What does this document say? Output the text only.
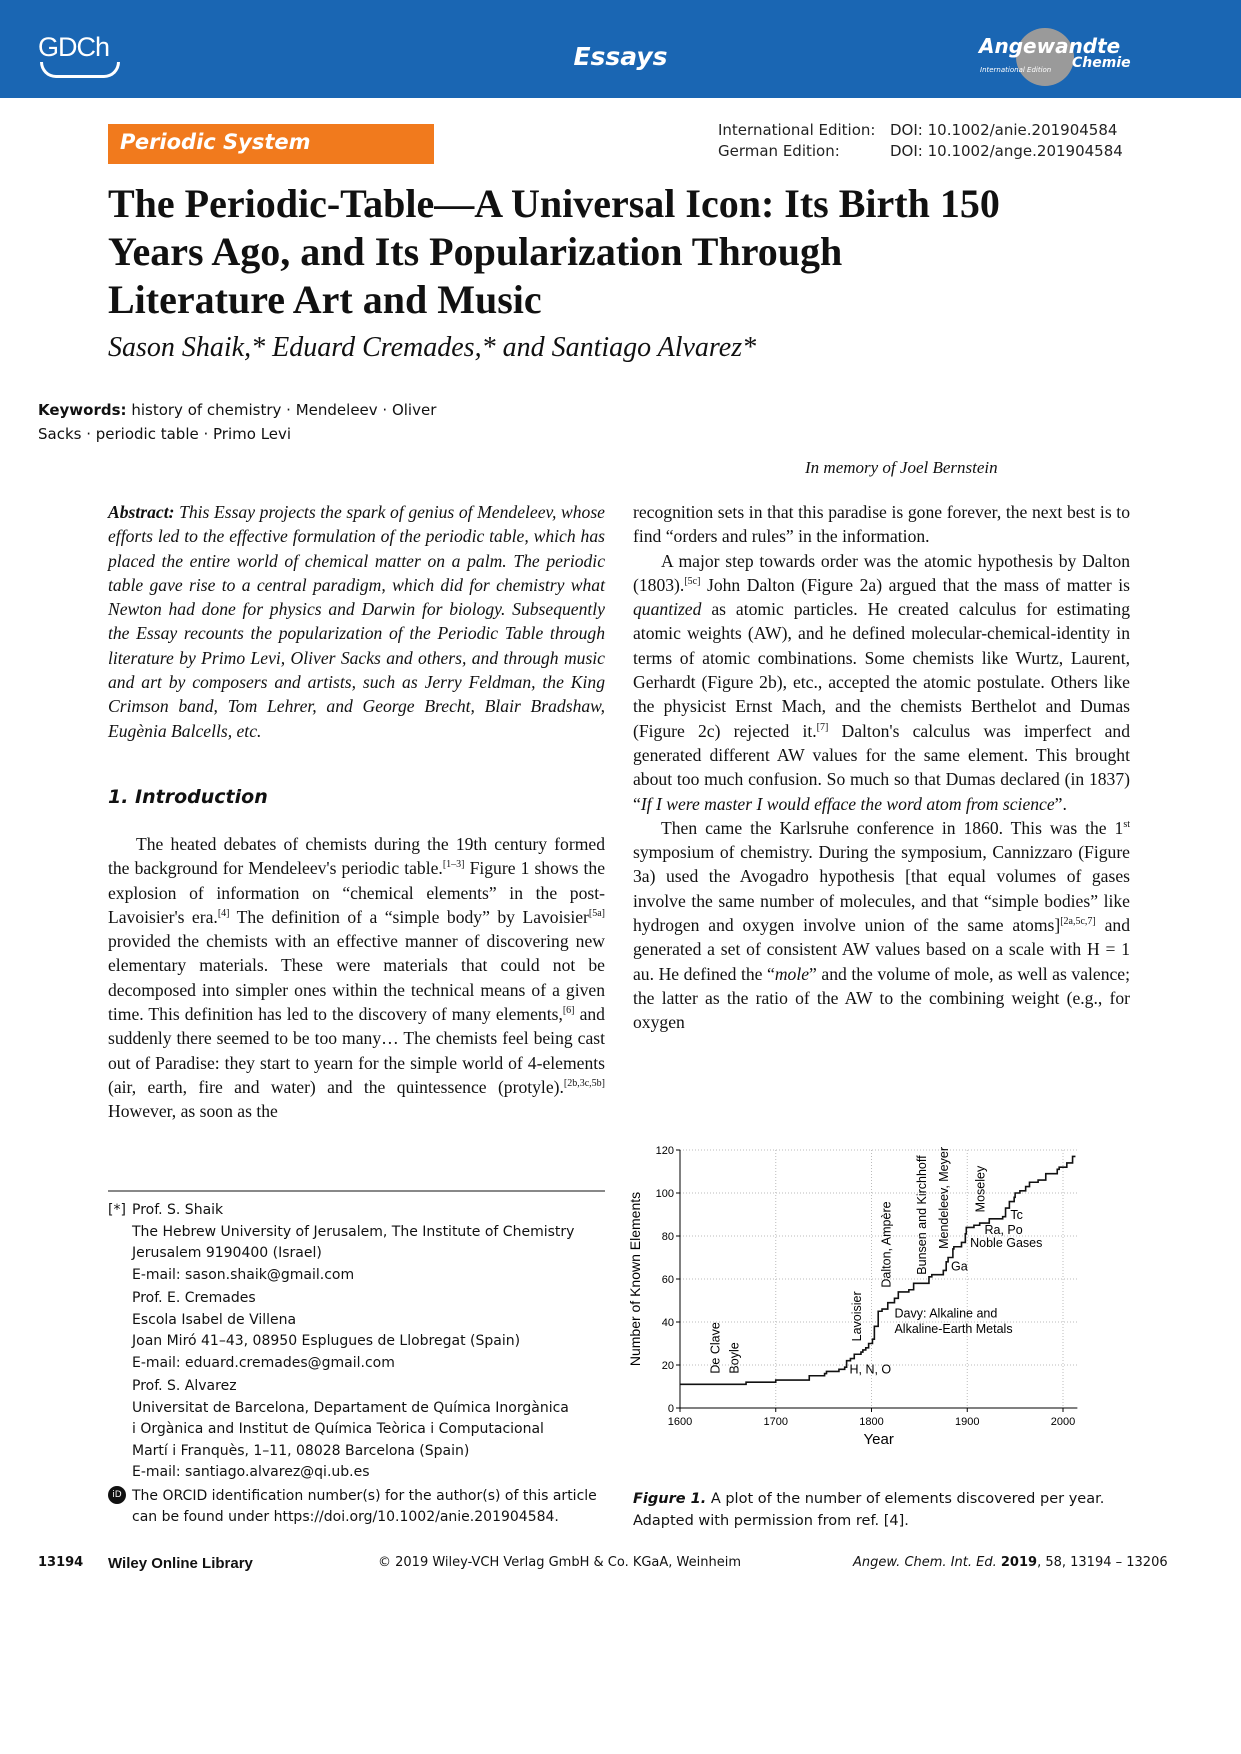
GDCh	Essays	Angewandte
Chemie
International Edition
Periodic System	International Edition: DOI: 10.1002/anie.201904584
German Edition:	DOI: 10.1002/ange.201904584
The Periodic-Table—A Universal Icon: Its Birth 150 Years Ago, and Its Popularization Through Literature Art and Music
Sason Shaik,* Eduard Cremades,* and Santiago Alvarez*
Keywords: history of chemistry · Mendeleev · Oliver Sacks · periodic table · Primo Levi
In memory of Joel Bernstein
Abstract: This Essay projects the spark of genius of Mendeleev, whose efforts led to the effective formulation of the periodic table, which has placed the entire world of chemical matter on a palm. The periodic table gave rise to a central paradigm, which did for chemistry what Newton had done for physics and Darwin for biology. Subsequently the Essay recounts the popularization of the Periodic Table through literature by Primo Levi, Oliver Sacks and others, and through music and art by composers and artists, such as Jerry Feldman, the King Crimson band, Tom Lehrer, and George Brecht, Blair Bradshaw, Eugènia Balcells, etc.
1. Introduction

The heated debates of chemists during the 19th century formed the background for Mendeleev's periodic table.[1–3] Figure 1 shows the explosion of information on “chemical elements” in the post-Lavoisier's era.[4] The definition of a “simple body” by Lavoisier[5a] provided the chemists with an effective manner of discovering new elementary materials. These were materials that could not be decomposed into simpler ones within the technical means of a given time. This definition has led to the discovery of many elements,[6] and suddenly there seemed to be too many… The chemists feel being cast out of Paradise: they start to yearn for the simple world of 4-elements (air, earth, fire and water) and the quintessence (protyle).[2b,3c,5b] However, as soon as the

recognition sets in that this paradise is gone forever, the next best is to find “orders and rules” in the information.

A major step towards order was the atomic hypothesis by Dalton (1803).[5c] John Dalton (Figure 2a) argued that the mass of matter is quantized as atomic particles. He created calculus for estimating atomic weights (AW), and he defined molecular-chemical-identity in terms of atomic combinations. Some chemists like Wurtz, Laurent, Gerhardt (Figure 2b), etc., accepted the atomic postulate. Others like the physicist Ernst Mach, and the chemists Berthelot and Dumas (Figure 2c) rejected it.[7] Dalton's calculus was imperfect and generated different AW values for the same element. This brought about too much confusion. So much so that Dumas declared (in 1837) “If I were master I would efface the word atom from science”.

Then came the Karlsruhe conference in 1860. This was the 1st symposium of chemistry. During the symposium, Cannizzaro (Figure 3a) used the Avogadro hypothesis [that equal volumes of gases involve the same number of molecules, and that “simple bodies” like hydrogen and oxygen involve union of the same atoms][2a,5c,7] and generated a set of consistent AW values based on a scale with H = 1 au. He defined the “mole” and the volume of mole, as well as valence; the latter as the ratio of the AW to the combining weight (e.g., for oxygen

[*] Prof. S. Shaik
The Hebrew University of Jerusalem, The Institute of Chemistry
Jerusalem 9190400 (Israel)
E-mail: sason.shaik@gmail.com
Prof. E. Cremades
Escola Isabel de Villena
Joan Miró 41–43, 08950 Esplugues de Llobregat (Spain)
E-mail: eduard.cremades@gmail.com
Prof. S. Alvarez
Universitat de Barcelona, Departament de Química Inorgànica
i Orgànica and Institut de Química Teòrica i Computacional
Martí i Franquès, 1–11, 08028 Barcelona (Spain)
E-mail: santiago.alvarez@qi.ub.es
iD The ORCID identification number(s) for the author(s) of this article can be found under https://doi.org/10.1002/anie.201904584.
0
20
40
60
80
100
120
1600	1700	1800	1900	2000
Year
Number of Known Elements	De Clave Boyle
Lavoisier
H, N, O
Dalton, Ampère
Davy: Alkaline and
Alkaline-Earth Metals
Bunsen and Kirchhoff Mendeleev, Meyer
Ga
Moseley
Tc
Ra, Po
Noble Gases
Figure 1. A plot of the number of elements discovered per year. Adapted with permission from ref. [4].
13194 Wiley Online Library	© 2019 Wiley-VCH Verlag GmbH & Co. KGaA, Weinheim	Angew. Chem. Int. Ed. 2019, 58, 13194 – 13206
